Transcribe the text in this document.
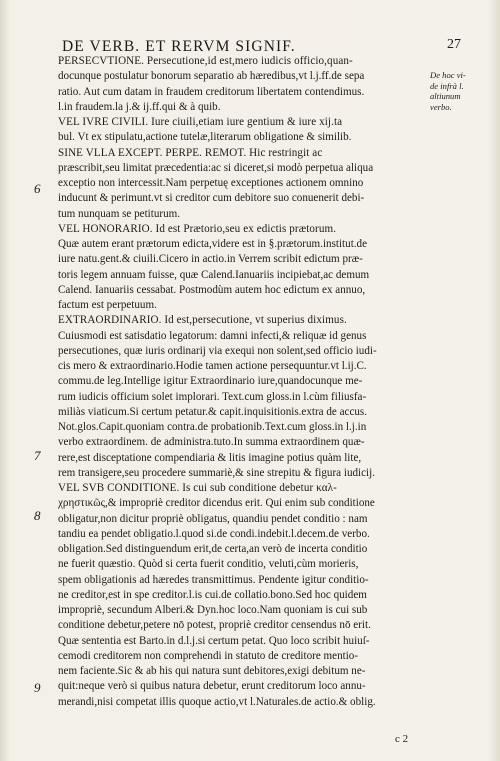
DE VERB. ET RERVM SIGNIF.	27
PERSECVTIONE. Persecutione,id est,mero iudicis officio,quan-
docunque postulatur bonorum separatio ab hæredibus,vt l.j.ff.de sepa
ratio. Aut cum datam in fraudem creditorum libertatem contendimus.
l.in fraudem.la j.& ij.ff.qui & à quib.
VEL IVRE CIVILI. Iure ciuili,etiam iure gentium & iure xij.ta
bul. Vt ex stipulatu,actione tutelæ,literarum obligatione & similib.
SINE VLLA EXCEPT. PERPE. REMOT. Hic restringit ac
præscribit,seu limitat præcedentia:ac si diceret,si modò perpetua aliqua
exceptio non intercessit.Nam perpetuę exceptiones actionem omnino
inducunt & perimunt.vt si creditor cum debitore suo conuenerit debi-
tum nunquam se petiturum.
VEL HONORARIO. Id est Prætorio,seu ex edictis prætorum.
Quæ autem erant prætorum edicta,videre est in §.prætorum.institut.de
iure natu.gent.& ciuili.Cicero in actio.in Verrem scribit edictum præ-
toris legem annuam fuisse, quæ Calend.Ianuariis incipiebat,ac demum
Calend. Ianuariis cessabat. Postmodùm autem hoc edictum ex annuo,
factum est perpetuum.
EXTRAORDINARIO. Id est,persecutione, vt superius diximus.
Cuiusmodi est satisdatio legatorum: damni infecti,& reliquæ id genus
persecutiones, quæ iuris ordinarij via exequi non solent,sed officio iudi-
cis mero & extraordinario.Hodie tamen actione persequuntur.vt l.ij.C.
commu.de leg.Intellige igitur Extraordinario iure,quandocunque me-
rum iudicis officium solet implorari. Text.cum gloss.in l.cùm filiusfa-
miliàs viaticum.Si certum petatur.& capit.inquisitionis.extra de accus.
Not.glos.Capit.quoniam contra.de probationib.Text.cum gloss.in l.j.in
verbo extraordinem. de administra.tuto.In summa extraordinem quæ-
rere,est disceptatione compendiaria & litis imagine potius quàm lite,
rem transigere,seu procedere summariè,& sine strepitu & figura iudicij.
VEL SVB CONDITIONE. Is cui sub conditione debetur καλ-
χρηστικῶς,& impropriè creditor dicendus erit. Qui enim sub conditione
obligatur,non dicitur propriè obligatus, quandiu pendet conditio : nam
tandiu ea pendet obligatio.l.quod si.de condi.indebit.l.decem.de verbo.
obligation.Sed distinguendum erit,de certa,an verò de incerta conditio
ne fuerit quæstio. Quòd si certa fuerit conditio, veluti,cùm morieris,
spem obligationis ad hæredes transmittimus. Pendente igitur conditio-
ne creditor,est in spe creditor.l.is cui.de collatio.bono.Sed hoc quidem
impropriè, secundum Alberi.& Dyn.hoc loco.Nam quoniam is cui sub
conditione debetur,petere nō potest, propriè creditor censendus nō erit.
Quæ sententia est Barto.in d.l.j.si certum petat. Quo loco scribit huiuſ-
cemodi creditorem non comprehendi in statuto de creditore mentio-
nem faciente.Sic & ab his qui natura sunt debitores,exigi debitum ne-
quit:neque verò si quibus natura debetur, erunt creditorum loco annu-
merandi,nisi competat illis quoque actio,vt l.Naturales.de actio.& oblig.
De hoc vi-
de infrà l.
altiunum
verbo.
6
7
8
9
c 2
